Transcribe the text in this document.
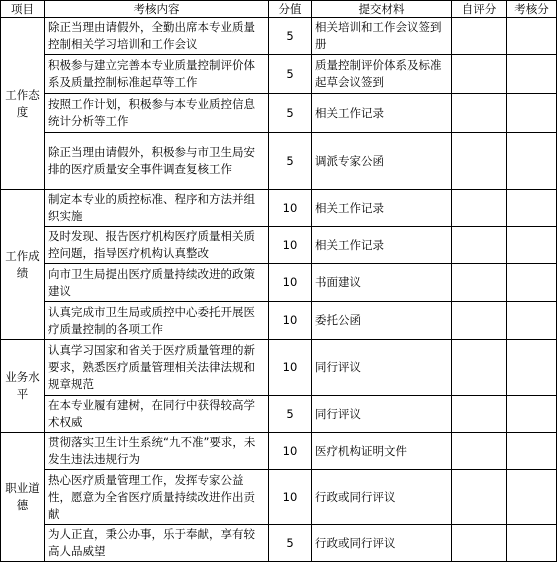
项目	考核内容	分值	提交材料	自评分	考核分
工作态度	除正当理由请假外，全勤出席本专业质量控制相关学习培训和工作会议	5	相关培训和工作会议签到册		
	积极参与建立完善本专业质量控制评价体系及质量控制标准起草等工作	5	质量控制评价体系及标准起草会议签到		
	按照工作计划，积极参与本专业质控信息统计分析等工作	5	相关工作记录		
	除正当理由请假外，积极参与市卫生局安排的医疗质量安全事件调查复核工作	5	调派专家公函		
工作成绩	制定本专业的质控标准、程序和方法并组织实施	10	相关工作记录		
	及时发现、报告医疗机构医疗质量相关质控问题，指导医疗机构认真整改	10	相关工作记录		
	向市卫生局提出医疗质量持续改进的政策建议	10	书面建议		
	认真完成市卫生局或质控中心委托开展医疗质量控制的各项工作	10	委托公函		
业务水平	认真学习国家和省关于医疗质量管理的新要求，熟悉医疗质量管理相关法律法规和规章规范	10	同行评议		
	在本专业履有建树，在同行中获得较高学术权威	5	同行评议		
职业道德	贯彻落实卫生计生系统“九不准”要求，未发生违法违规行为	10	医疗机构证明文件		
	热心医疗质量管理工作，发挥专家公益性，愿意为全省医疗质量持续改进作出贡献	10	行政或同行评议		
	为人正直，秉公办事，乐于奉献，享有较高人品威望	5	行政或同行评议		
